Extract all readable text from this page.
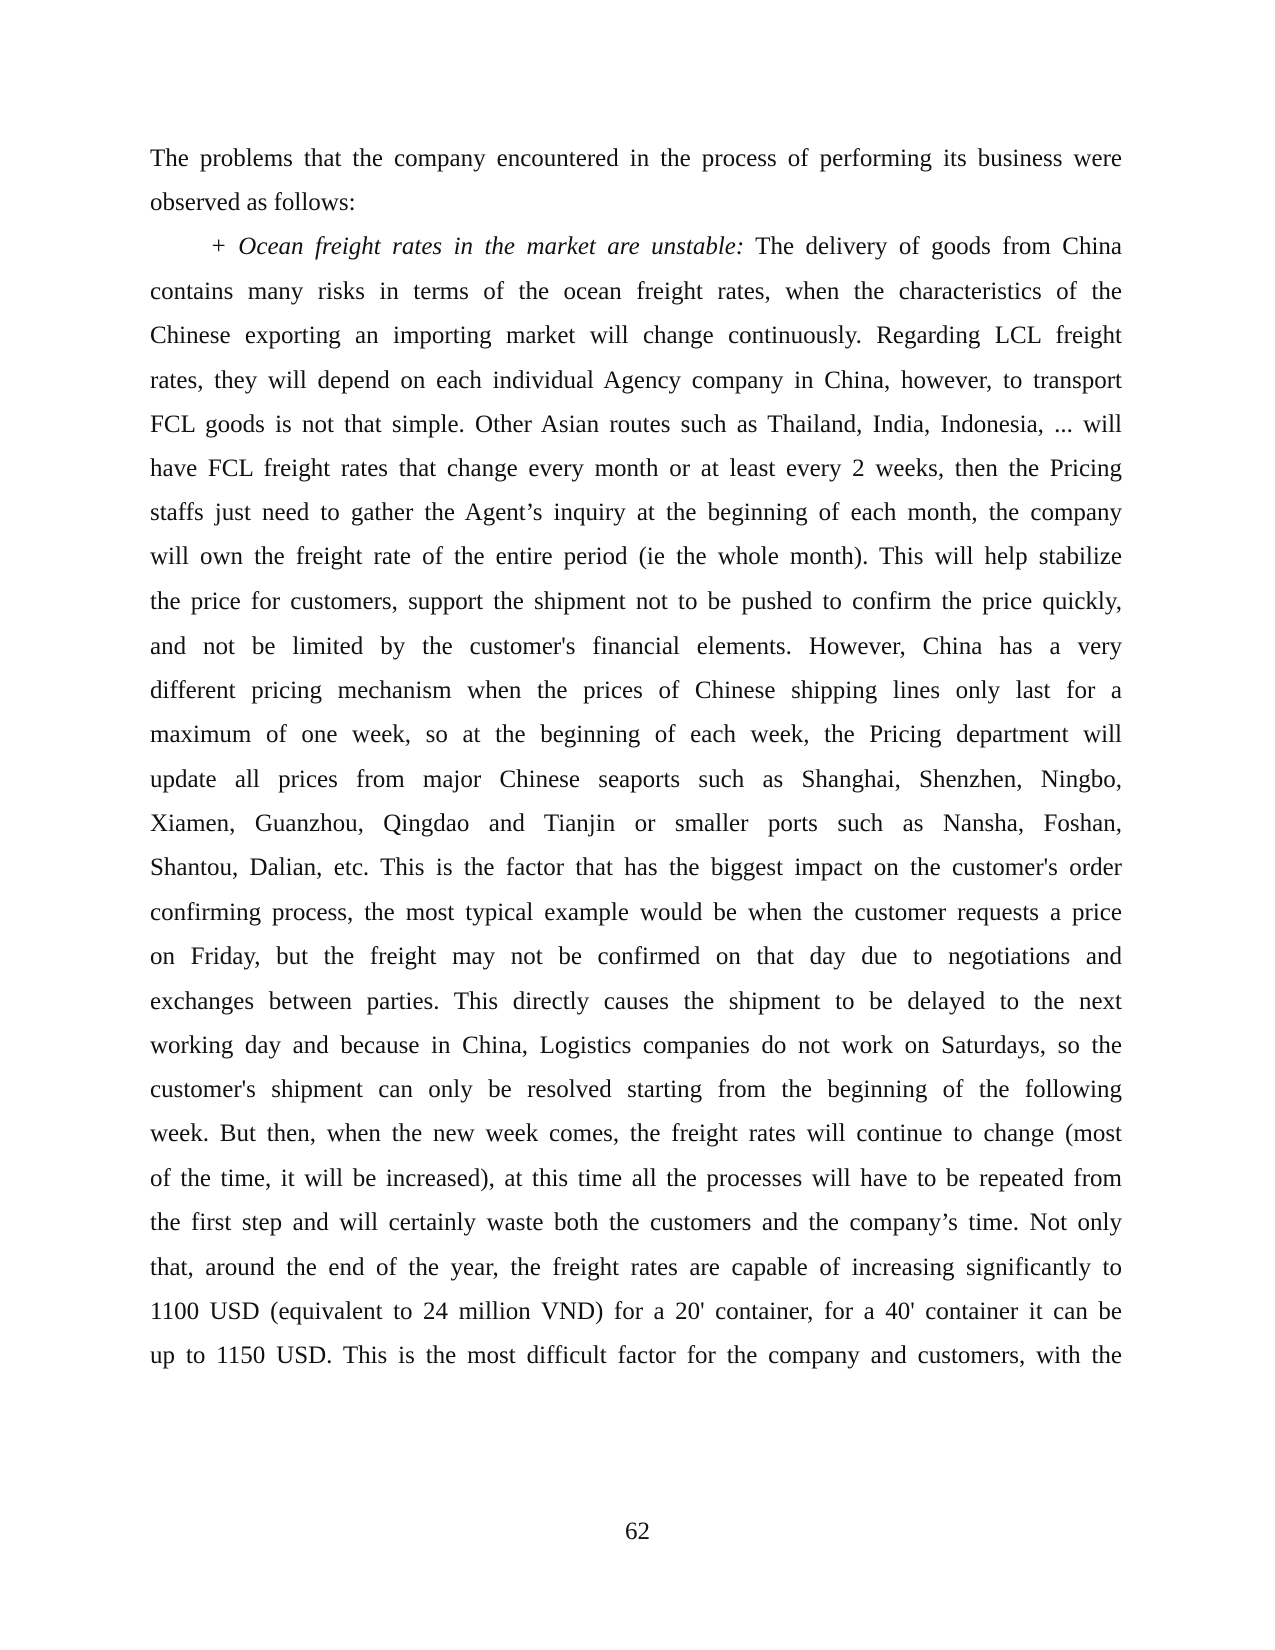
The problems that the company encountered in the process of performing its business were
observed as follows:
+ Ocean freight rates in the market are unstable: The delivery of goods from China
contains many risks in terms of the ocean freight rates, when the characteristics of the
Chinese exporting an importing market will change continuously. Regarding LCL freight
rates, they will depend on each individual Agency company in China, however, to transport
FCL goods is not that simple. Other Asian routes such as Thailand, India, Indonesia, ... will
have FCL freight rates that change every month or at least every 2 weeks, then the Pricing
staffs just need to gather the Agent’s inquiry at the beginning of each month, the company
will own the freight rate of the entire period (ie the whole month). This will help stabilize
the price for customers, support the shipment not to be pushed to confirm the price quickly,
and not be limited by the customer's financial elements. However, China has a very
different pricing mechanism when the prices of Chinese shipping lines only last for a
maximum of one week, so at the beginning of each week, the Pricing department will
update all prices from major Chinese seaports such as Shanghai, Shenzhen, Ningbo,
Xiamen, Guanzhou, Qingdao and Tianjin or smaller ports such as Nansha, Foshan,
Shantou, Dalian, etc. This is the factor that has the biggest impact on the customer's order
confirming process, the most typical example would be when the customer requests a price
on Friday, but the freight may not be confirmed on that day due to negotiations and
exchanges between parties. This directly causes the shipment to be delayed to the next
working day and because in China, Logistics companies do not work on Saturdays, so the
customer's shipment can only be resolved starting from the beginning of the following
week. But then, when the new week comes, the freight rates will continue to change (most
of the time, it will be increased), at this time all the processes will have to be repeated from
the first step and will certainly waste both the customers and the company’s time. Not only
that, around the end of the year, the freight rates are capable of increasing significantly to
1100 USD (equivalent to 24 million VND) for a 20' container, for a 40' container it can be
up to 1150 USD. This is the most difficult factor for the company and customers, with the
62
